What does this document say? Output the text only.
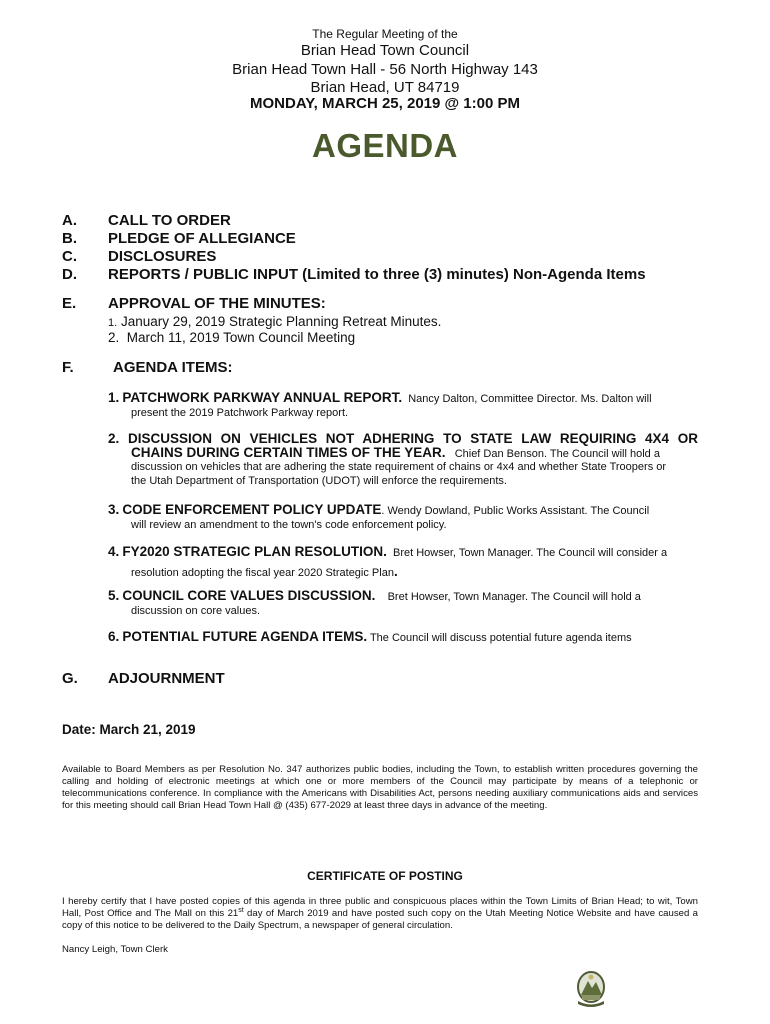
The Regular Meeting of the
Brian Head Town Council
Brian Head Town Hall - 56 North Highway 143
Brian Head, UT 84719
MONDAY, MARCH 25, 2019 @ 1:00 PM
AGENDA
A. CALL TO ORDER
B. PLEDGE OF ALLEGIANCE
C. DISCLOSURES
D. REPORTS / PUBLIC INPUT (Limited to three (3) minutes) Non-Agenda Items
E. APPROVAL OF THE MINUTES:
1. January 29, 2019 Strategic Planning Retreat Minutes.
2. March 11, 2019 Town Council Meeting
F.	AGENDA ITEMS:
1. PATCHWORK PARKWAY ANNUAL REPORT. Nancy Dalton, Committee Director. Ms. Dalton will
present the 2019 Patchwork Parkway report.
2. DISCUSSION ON VEHICLES NOT ADHERING TO STATE LAW REQUIRING 4X4 OR
CHAINS DURING CERTAIN TIMES OF THE YEAR. Chief Dan Benson. The Council will hold a
discussion on vehicles that are adhering the state requirement of chains or 4x4 and whether State Troopers or
the Utah Department of Transportation (UDOT) will enforce the requirements.
3. CODE ENFORCEMENT POLICY UPDATE. Wendy Dowland, Public Works Assistant. The Council
will review an amendment to the town's code enforcement policy.
4. FY2020 STRATEGIC PLAN RESOLUTION. Bret Howser, Town Manager. The Council will consider a
resolution adopting the fiscal year 2020 Strategic Plan.
5. COUNCIL CORE VALUES DISCUSSION. Bret Howser, Town Manager. The Council will hold a
discussion on core values.
6. POTENTIAL FUTURE AGENDA ITEMS. The Council will discuss potential future agenda items
G. ADJOURNMENT
Date: March 21, 2019
Available to Board Members as per Resolution No. 347 authorizes public bodies, including the Town, to establish written procedures governing the calling and holding of electronic meetings at which one or more members of the Council may participate by means of a telephonic or telecommunications conference. In compliance with the Americans with Disabilities Act, persons needing auxiliary communications aids and services for this meeting should call Brian Head Town Hall @ (435) 677-2029 at least three days in advance of the meeting.
CERTIFICATE OF POSTING
I hereby certify that I have posted copies of this agenda in three public and conspicuous places within the Town Limits of Brian Head; to wit, Town Hall, Post Office and The Mall on this 21st day of March 2019 and have posted such copy on the Utah Meeting Notice Website and have caused a copy of this notice to be delivered to the Daily Spectrum, a newspaper of general circulation.
Nancy Leigh, Town Clerk
